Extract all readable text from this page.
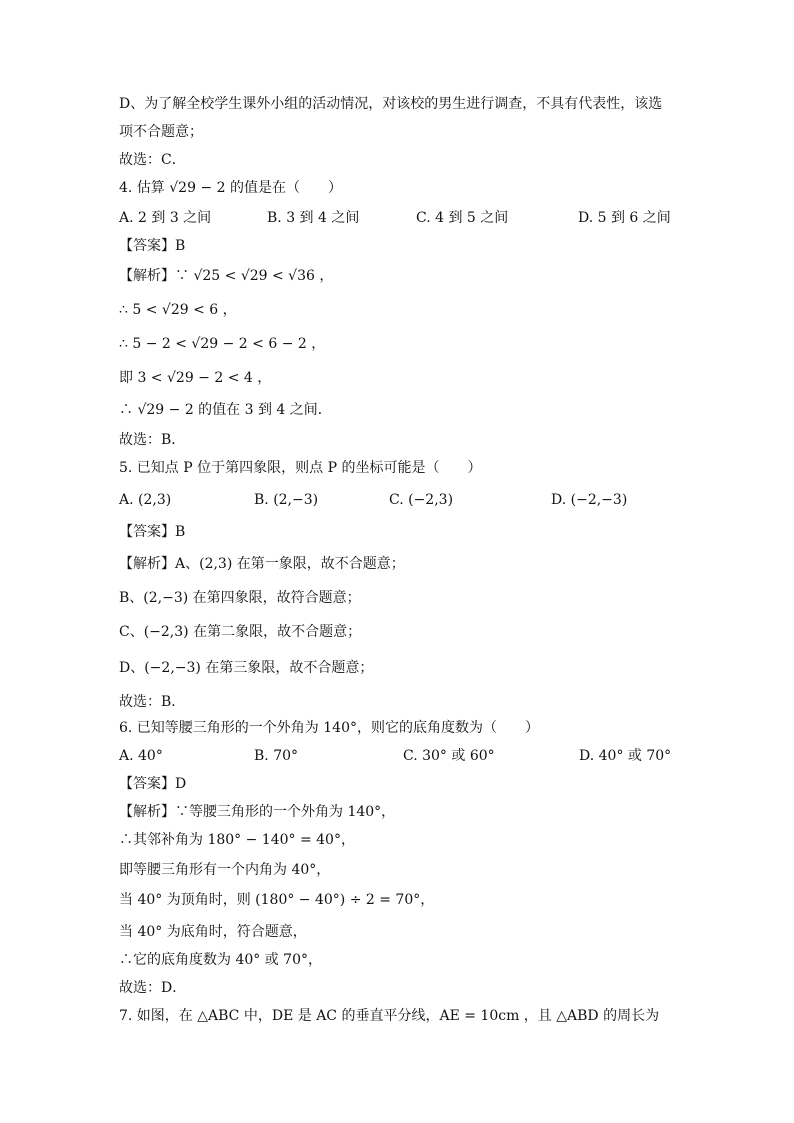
D、为了解全校学生课外小组的活动情况，对该校的男生进行调查，不具有代表性，该选
项不合题意；
故选：C．
4. 估算 √29 − 2 的值是在（　　）
A. 2 到 3 之间	B. 3 到 4 之间	C. 4 到 5 之间	D. 5 到 6 之间
【答案】B
【解析】∵ √25 < √29 < √36 ，
∴ 5 < √29 < 6 ，
∴ 5 − 2 < √29 − 2 < 6 − 2 ，
即 3 < √29 − 2 < 4 ，
∴ √29 − 2 的值在 3 到 4 之间．
故选：B．
5. 已知点 P 位于第四象限，则点 P 的坐标可能是（　　）
A. (2,3)	B. (2,−3)	C. (−2,3)	D. (−2,−3)
【答案】B
【解析】A、(2,3) 在第一象限，故不合题意；
B、(2,−3) 在第四象限，故符合题意；
C、(−2,3) 在第二象限，故不合题意；
D、(−2,−3) 在第三象限，故不合题意；
故选：B．
6. 已知等腰三角形的一个外角为 140°，则它的底角度数为（　　）
A. 40°	B. 70°	C. 30° 或 60°	D. 40° 或 70°
【答案】D
【解析】∵等腰三角形的一个外角为 140°，
∴其邻补角为 180° − 140° = 40°，
即等腰三角形有一个内角为 40°，
当 40° 为顶角时，则 (180° − 40°) ÷ 2 = 70°，
当 40° 为底角时，符合题意，
∴它的底角度数为 40° 或 70°，
故选：D．
7. 如图，在 △ABC 中，DE 是 AC 的垂直平分线，AE = 10cm ，且 △ABD 的周长为
